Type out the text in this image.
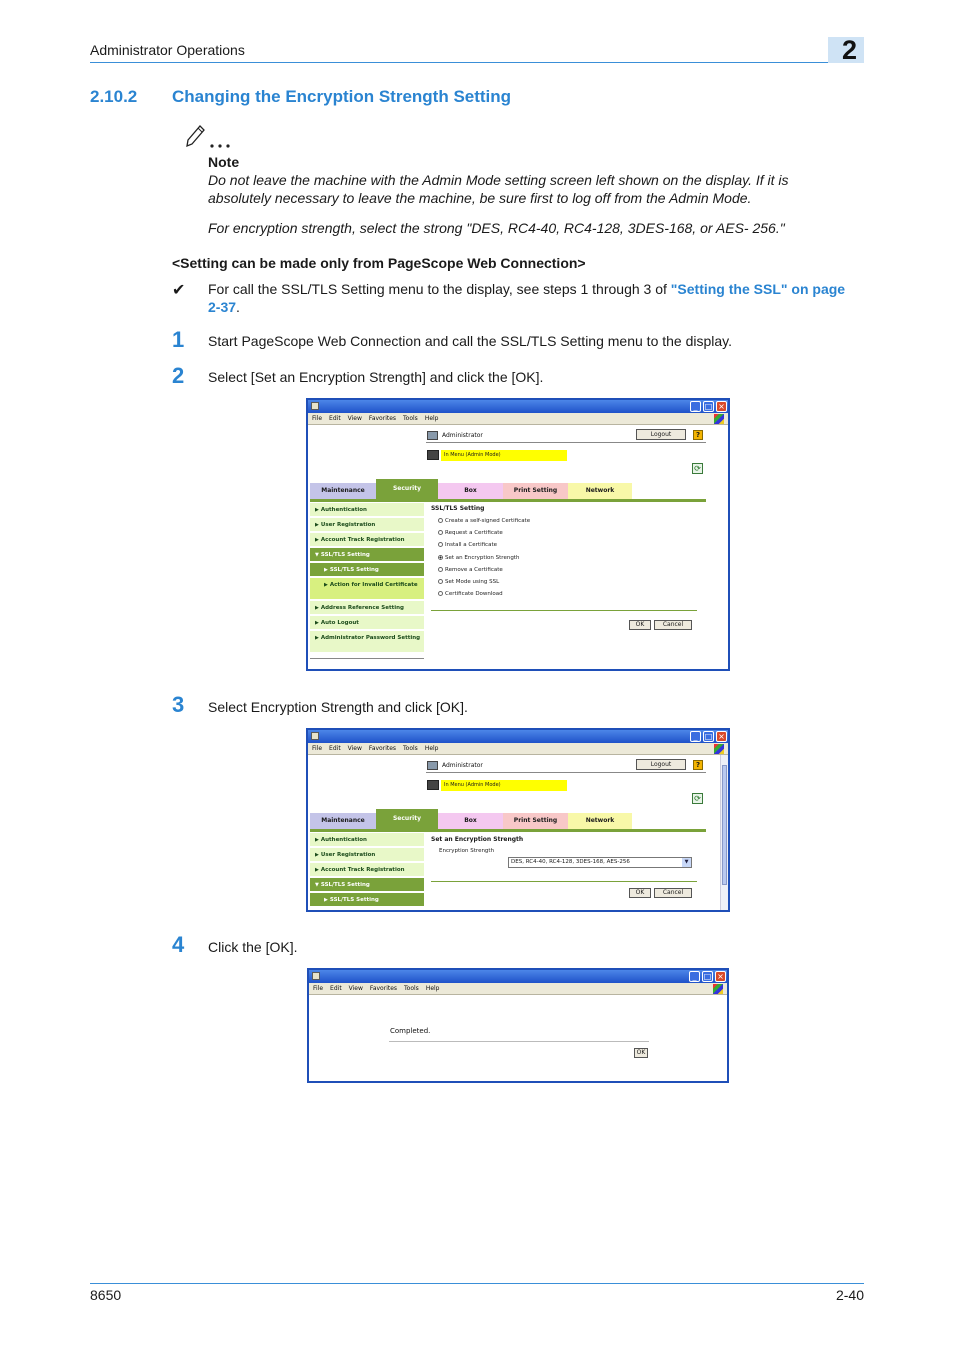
Administrator Operations	2
2.10.2 Changing the Encryption Strength Setting
Note
Do not leave the machine with the Admin Mode setting screen left shown on the display. If it is absolutely necessary to leave the machine, be sure first to log off from the Admin Mode.
For encryption strength, select the strong "DES, RC4-40, RC4-128, 3DES-168, or AES- 256."
<Setting can be made only from PageScope Web Connection>
✔ For call the SSL/TLS Setting menu to the display, see steps 1 through 3 of "Setting the SSL" on page 2-37.
1 Start PageScope Web Connection and call the SSL/TLS Setting menu to the display.
2 Select [Set an Encryption Strength] and click the [OK].
_ □ ×
File Edit View Favorites Tools Help
Administrator	Logout	?
In Menu (Admin Mode)
⟳
Maintenance	Security	Box	Print Setting	Network
▶ Authentication
▶ User Registration
▶ Account Track Registration
▼ SSL/TLS Setting
▶ SSL/TLS Setting
▶ Action for Invalid Certificate
▶ Address Reference Setting
▶ Auto Logout
▶ Administrator Password Setting
SSL/TLS Setting
Create a self-signed Certificate
Request a Certificate
Install a Certificate
Set an Encryption Strength
Remove a Certificate
Set Mode using SSL
Certificate Download
OK	Cancel
3 Select Encryption Strength and click [OK].
_ □ ×
File Edit View Favorites Tools Help
Administrator	Logout	?
In Menu (Admin Mode)
⟳
Maintenance	Security	Box	Print Setting	Network
▶ Authentication
▶ User Registration
▶ Account Track Registration
▼ SSL/TLS Setting
▶ SSL/TLS Setting
Set an Encryption Strength
Encryption Strength
DES, RC4-40, RC4-128, 3DES-168, AES-256	▼
OK	Cancel
4 Click the [OK].
_ □ ×
File Edit View Favorites Tools Help
Completed.
OK
8650	2-40
